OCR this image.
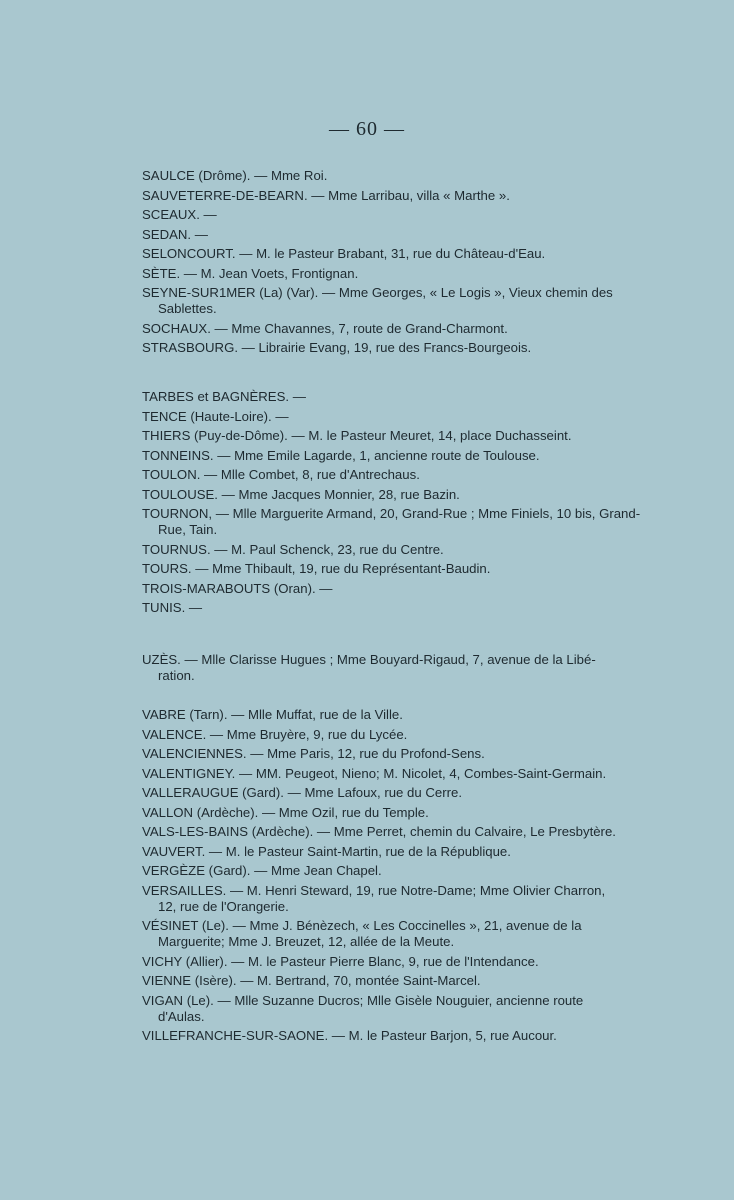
— 60 —
SAULCE (Drôme). — Mme Roi.
SAUVETERRE-DE-BEARN. — Mme Larribau, villa « Marthe ».
SCEAUX. —
SEDAN. —
SELONCOURT. — M. le Pasteur Brabant, 31, rue du Château-d'Eau.
SÈTE. — M. Jean Voets, Frontignan.
SEYNE-SUR1MER (La) (Var). — Mme Georges, « Le Logis », Vieux chemin des
Sablettes.
SOCHAUX. — Mme Chavannes, 7, route de Grand-Charmont.
STRASBOURG. — Librairie Evang, 19, rue des Francs-Bourgeois.
TARBES et BAGNÈRES. —
TENCE (Haute-Loire). —
THIERS (Puy-de-Dôme). — M. le Pasteur Meuret, 14, place Duchasseint.
TONNEINS. — Mme Emile Lagarde, 1, ancienne route de Toulouse.
TOULON. — Mlle Combet, 8, rue d'Antrechaus.
TOULOUSE. — Mme Jacques Monnier, 28, rue Bazin.
TOURNON, — Mlle Marguerite Armand, 20, Grand-Rue ; Mme Finiels, 10 bis, Grand-
Rue, Tain.
TOURNUS. — M. Paul Schenck, 23, rue du Centre.
TOURS. — Mme Thibault, 19, rue du Représentant-Baudin.
TROIS-MARABOUTS (Oran). —
TUNIS. —
UZÈS. — Mlle Clarisse Hugues ; Mme Bouyard-Rigaud, 7, avenue de la Libé-
ration.
VABRE (Tarn). — Mlle Muffat, rue de la Ville.
VALENCE. — Mme Bruyère, 9, rue du Lycée.
VALENCIENNES. — Mme Paris, 12, rue du Profond-Sens.
VALENTIGNEY. — MM. Peugeot, Nieno; M. Nicolet, 4, Combes-Saint-Germain.
VALLERAUGUE (Gard). — Mme Lafoux, rue du Cerre.
VALLON (Ardèche). — Mme Ozil, rue du Temple.
VALS-LES-BAINS (Ardèche). — Mme Perret, chemin du Calvaire, Le Presbytère.
VAUVERT. — M. le Pasteur Saint-Martin, rue de la République.
VERGÈZE (Gard). — Mme Jean Chapel.
VERSAILLES. — M. Henri Steward, 19, rue Notre-Dame; Mme Olivier Charron,
12, rue de l'Orangerie.
VÉSINET (Le). — Mme J. Bénèzech, « Les Coccinelles », 21, avenue de la
Marguerite; Mme J. Breuzet, 12, allée de la Meute.
VICHY (Allier). — M. le Pasteur Pierre Blanc, 9, rue de l'Intendance.
VIENNE (Isère). — M. Bertrand, 70, montée Saint-Marcel.
VIGAN (Le). — Mlle Suzanne Ducros; Mlle Gisèle Nouguier, ancienne route
d'Aulas.
VILLEFRANCHE-SUR-SAONE. — M. le Pasteur Barjon, 5, rue Aucour.
